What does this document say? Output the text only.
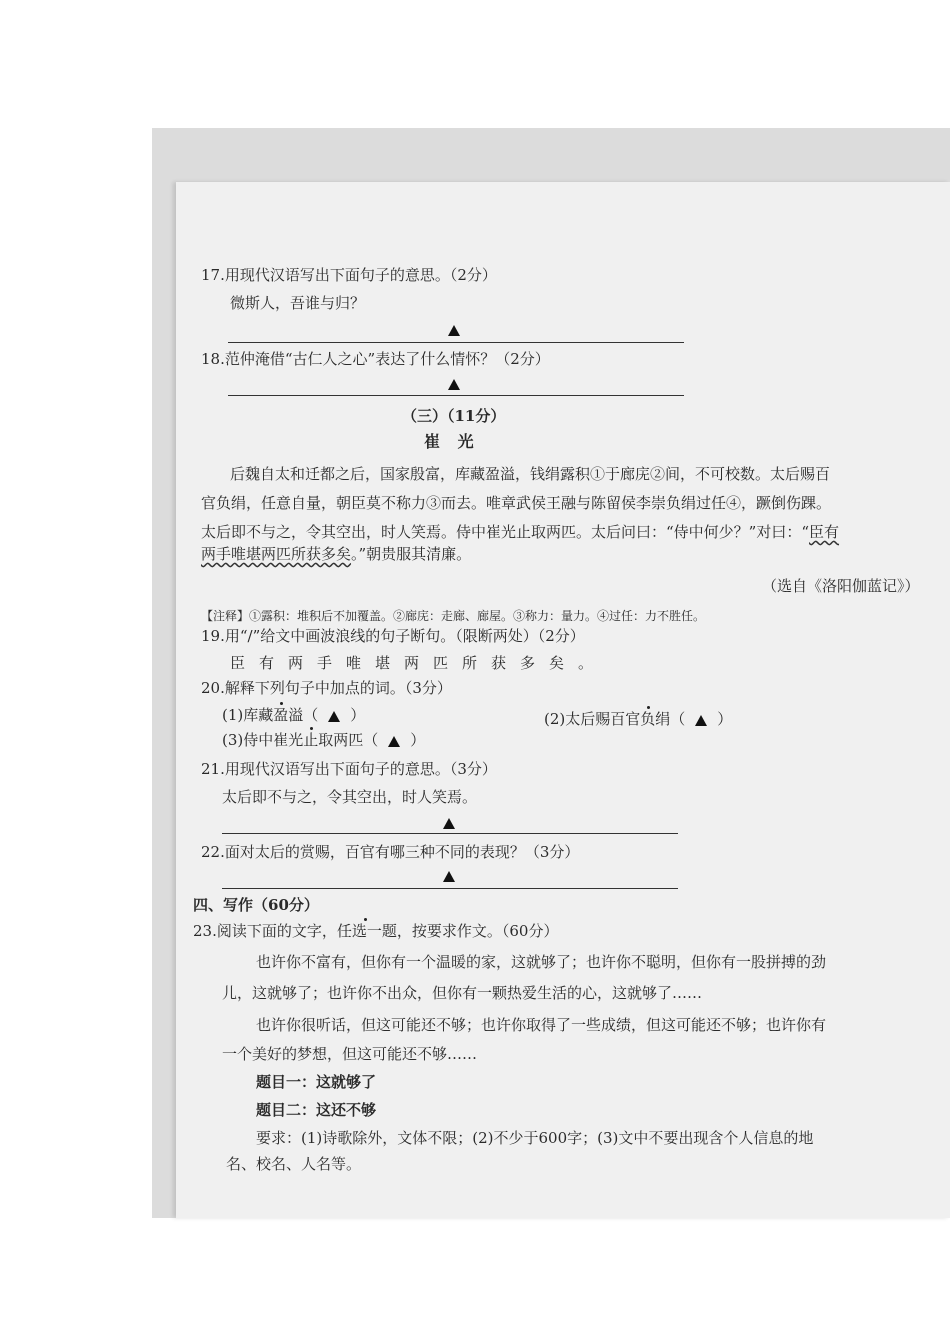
17.用现代汉语写出下面句子的意思。（2分）
微斯人，吾谁与归？
18.范仲淹借“古仁人之心”表达了什么情怀？（2分）
（三）（11分）
崔 光
后魏自太和迁都之后，国家殷富，库藏盈溢，钱绢露积①于廊庑②间，不可校数。太后赐百
官负绢，任意自量，朝臣莫不称力③而去。唯章武侯王融与陈留侯李崇负绢过任④，蹶倒伤踝。
太后即不与之，令其空出，时人笑焉。侍中崔光止取两匹。太后问曰：“侍中何少？”对曰：“臣有
两手唯堪两匹所获多矣。”朝贵服其清廉。
（选自《洛阳伽蓝记》）
【注释】①露积：堆积后不加覆盖。②廊庑：走廊、廊屋。③称力：量力。④过任：力不胜任。
19.用“/”给文中画波浪线的句子断句。（限断两处）（2分）
臣有两手唯堪两匹所获多矣。
20.解释下列句子中加点的词。（3分）
(1)库藏盈溢（ ）	(2)太后赐百官负绢（ ）
(3)侍中崔光止取两匹（ ）
21.用现代汉语写出下面句子的意思。（3分）
太后即不与之，令其空出，时人笑焉。
22.面对太后的赏赐，百官有哪三种不同的表现？（3分）
四、写作（60分）
23.阅读下面的文字，任选一题，按要求作文。（60分）
也许你不富有，但你有一个温暖的家，这就够了；也许你不聪明，但你有一股拼搏的劲
儿，这就够了；也许你不出众，但你有一颗热爱生活的心，这就够了……
也许你很听话，但这可能还不够；也许你取得了一些成绩，但这可能还不够；也许你有
一个美好的梦想，但这可能还不够……
题目一：这就够了
题目二：这还不够
要求：(1)诗歌除外，文体不限；(2)不少于600字；(3)文中不要出现含个人信息的地
名、校名、人名等。
